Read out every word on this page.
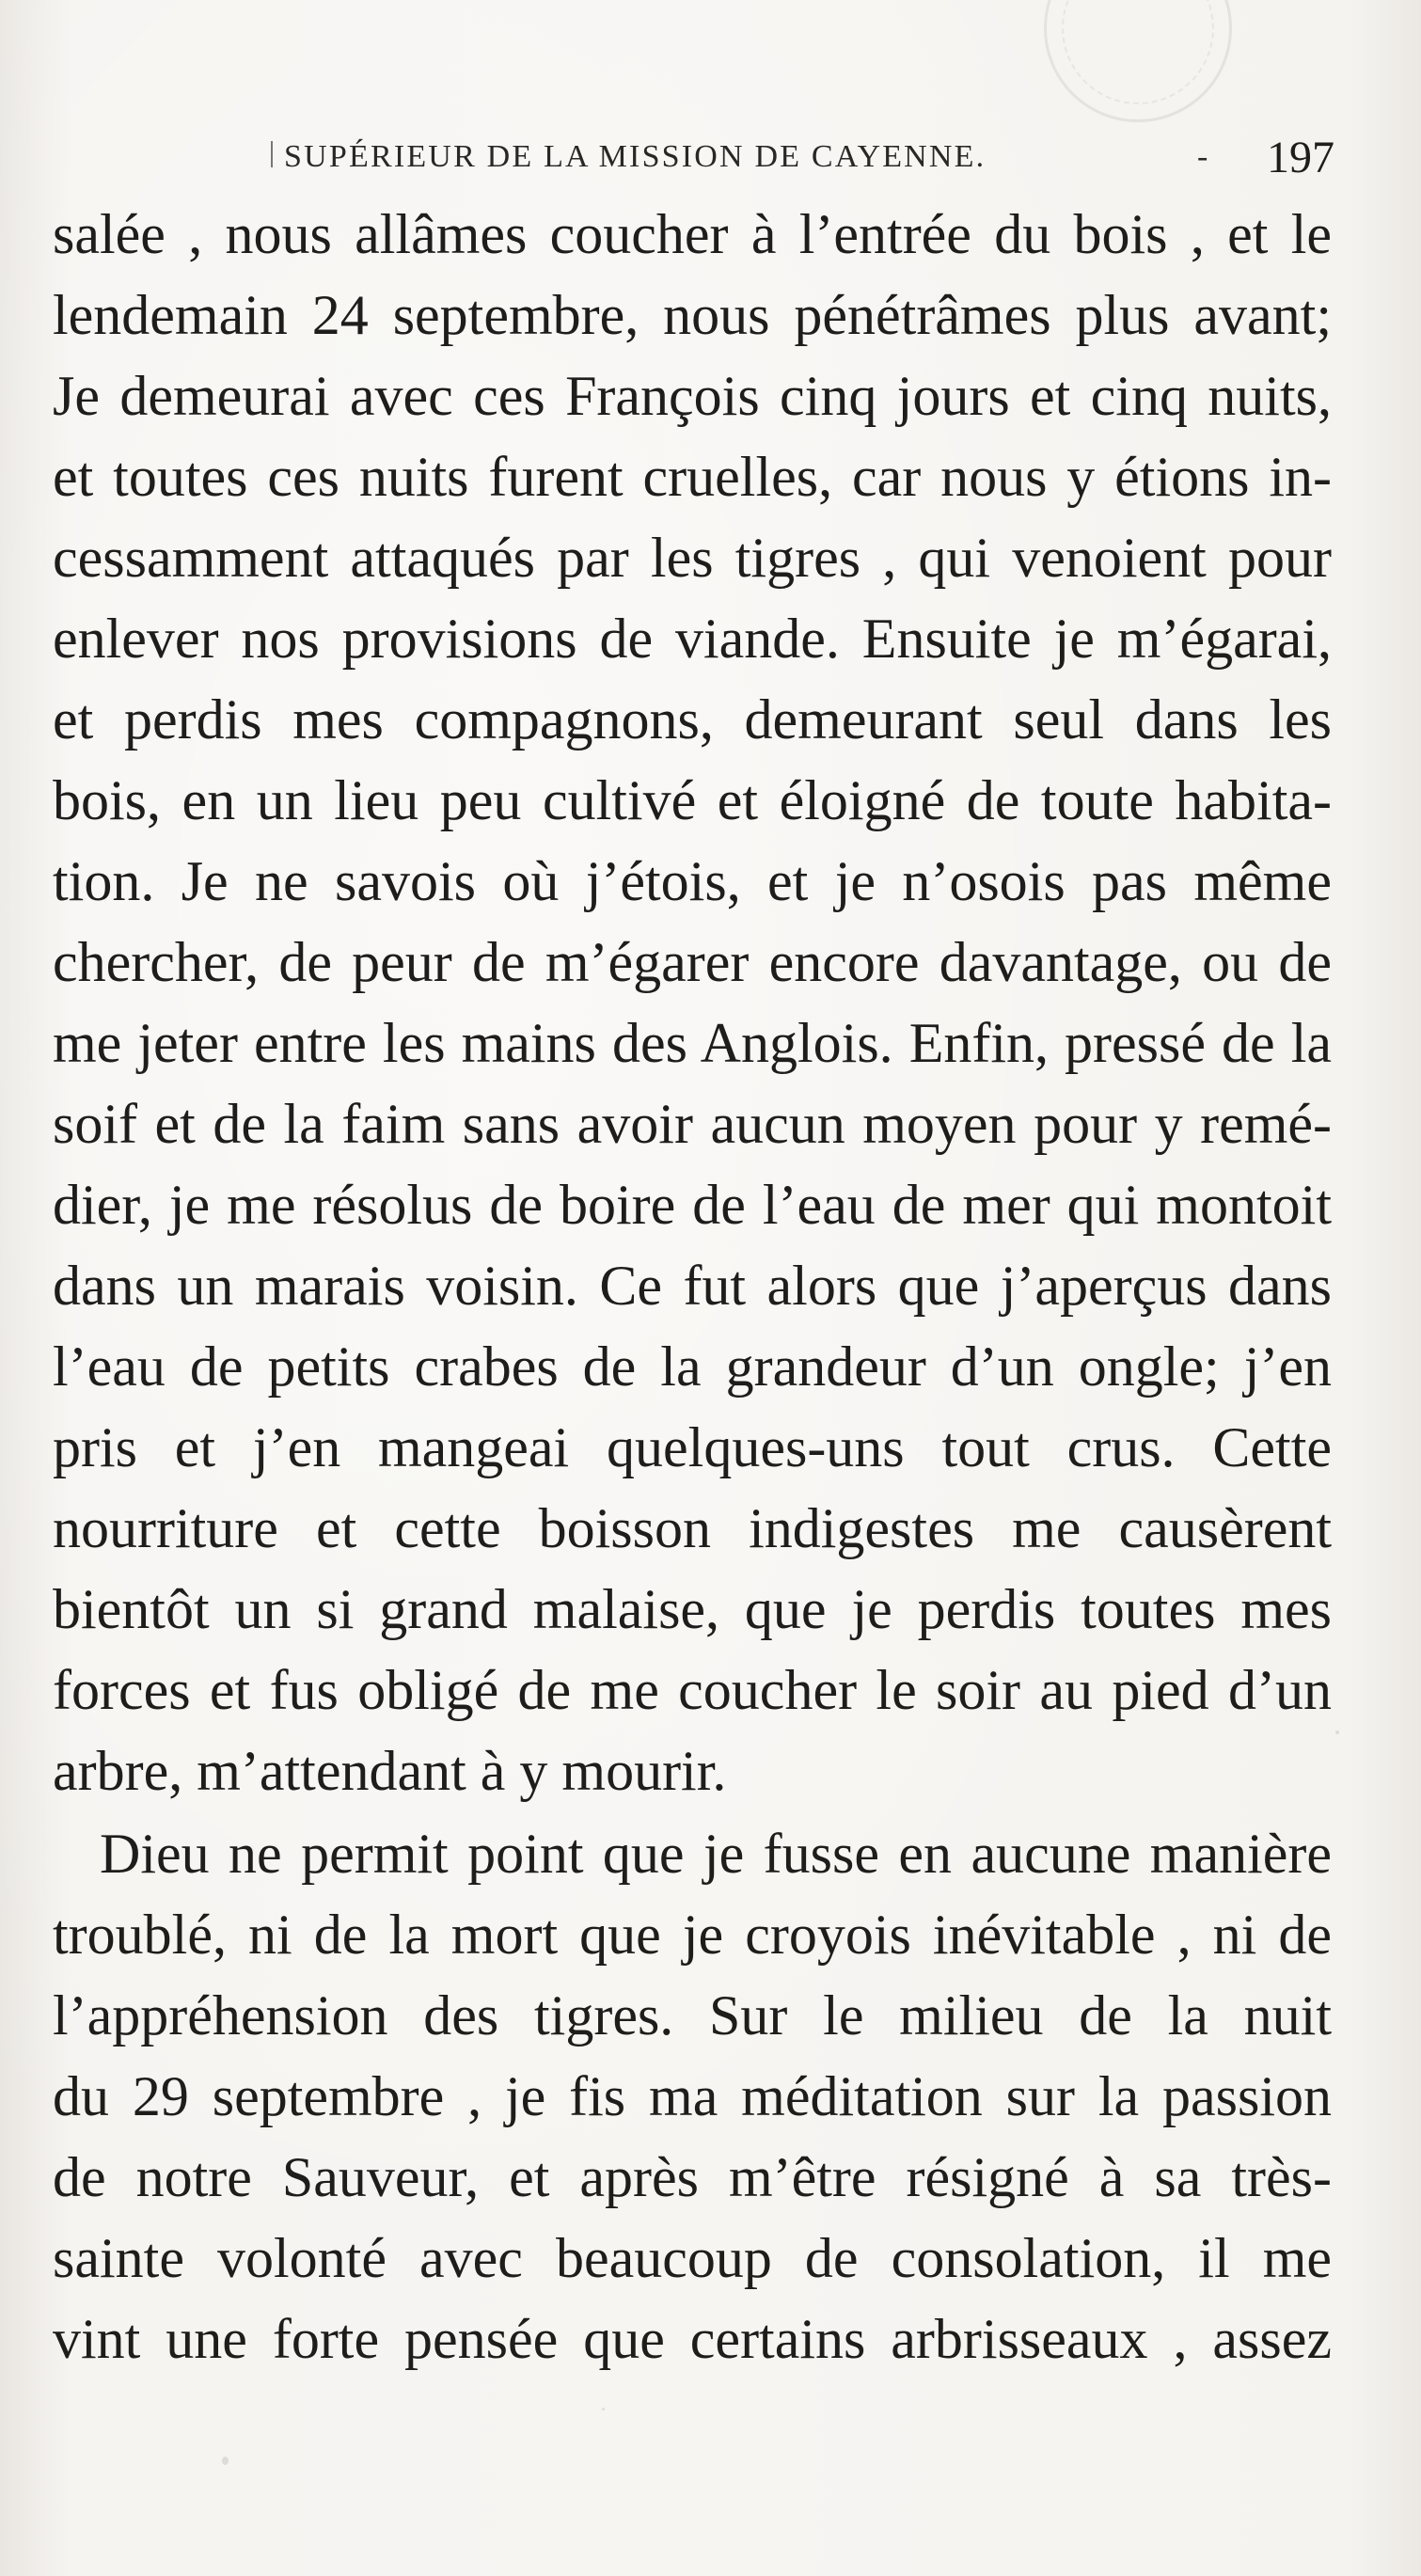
SUPÉRIEUR DE LA MISSION DE CAYENNE.	- 197
salée , nous allâmes coucher à l’entrée du bois , et le
lendemain 24 septembre, nous pénétrâmes plus avant;
Je demeurai avec ces François cinq jours et cinq nuits,
et toutes ces nuits furent cruelles, car nous y étions in-
cessamment attaqués par les tigres , qui venoient pour
enlever nos provisions de viande. Ensuite je m’égarai,
et perdis mes compagnons, demeurant seul dans les
bois, en un lieu peu cultivé et éloigné de toute habita-
tion. Je ne savois où j’étois, et je n’osois pas même
chercher, de peur de m’égarer encore davantage, ou de
me jeter entre les mains des Anglois. Enfin, pressé de la
soif et de la faim sans avoir aucun moyen pour y remé-
dier, je me résolus de boire de l’eau de mer qui montoit
dans un marais voisin. Ce fut alors que j’aperçus dans
l’eau de petits crabes de la grandeur d’un ongle; j’en
pris et j’en mangeai quelques-uns tout crus. Cette
nourriture et cette boisson indigestes me causèrent
bientôt un si grand malaise, que je perdis toutes mes
forces et fus obligé de me coucher le soir au pied d’un
arbre, m’attendant à y mourir.
Dieu ne permit point que je fusse en aucune manière
troublé, ni de la mort que je croyois inévitable , ni de
l’appréhension des tigres. Sur le milieu de la nuit
du 29 septembre , je fis ma méditation sur la passion
de notre Sauveur, et après m’être résigné à sa très-
sainte volonté avec beaucoup de consolation, il me
vint une forte pensée que certains arbrisseaux , assez
